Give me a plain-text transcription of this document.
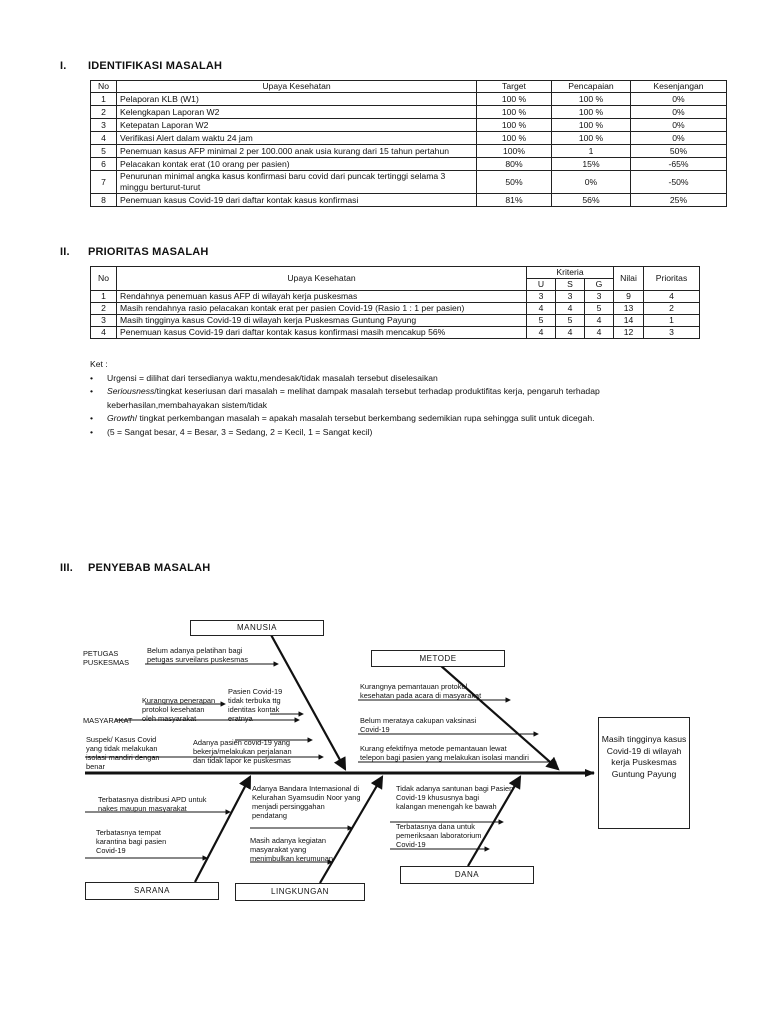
I. IDENTIFIKASI MASALAH
No	Upaya Kesehatan	Target	Pencapaian	Kesenjangan
1	Pelaporan KLB (W1)	100 %	100 %	0%
2	Kelengkapan Laporan W2	100 %	100 %	0%
3	Ketepatan Laporan W2	100 %	100 %	0%
4	Verifikasi Alert dalam waktu 24 jam	100 %	100 %	0%
5	Penemuan kasus AFP minimal 2 per 100.000 anak usia kurang dari 15 tahun pertahun	100%	1	50%
6	Pelacakan kontak erat (10 orang per pasien)	80%	15%	-65%
7	Penurunan minimal angka kasus konfirmasi baru covid dari puncak tertinggi selama 3 minggu berturut-turut	50%	0%	-50%
8	Penemuan kasus Covid-19 dari daftar kontak kasus konfirmasi	81%	56%	25%
II. PRIORITAS MASALAH
No	Upaya Kesehatan	Kriteria			Nilai	Prioritas
		U	S	G		
1	Rendahnya penemuan kasus AFP di wilayah kerja puskesmas	3	3	3	9	4
2	Masih rendahnya rasio pelacakan kontak erat per pasien Covid-19 (Rasio 1 : 1 per pasien)	4	4	5	13	2
3	Masih tingginya kasus Covid-19 di wilayah kerja Puskesmas Guntung Payung	5	5	4	14	1
4	Penemuan kasus Covid-19 dari daftar kontak kasus konfirmasi masih mencakup 56%	4	4	4	12	3
Ket :
• Urgensi = dilihat dari tersedianya waktu,mendesak/tidak masalah tersebut diselesaikan
• Seriousness/tingkat keseriusan dari masalah = melihat dampak masalah tersebut terhadap produktifitas kerja, pengaruh terhadap keberhasilan,membahayakan sistem/tidak
• Growth/ tingkat perkembangan masalah = apakah masalah tersebut berkembang sedemikian rupa sehingga sulit untuk dicegah.
• (5 = Sangat besar, 4 = Besar, 3 = Sedang, 2 = Kecil, 1 = Sangat kecil)
III. PENYEBAB MASALAH
MANUSIA
METODE
SARANA	LINGKUNGAN
DANA
PETUGAS
PUSKESMAS
MASYARAKAT
Belum adanya pelatihan bagi
petugas surveilans puskesmas
Kurangnya penerapan
protokol kesehatan
oleh masyarakat
Pasien Covid-19
tidak terbuka ttg
identitas kontak
eratnya
Suspek/ Kasus Covid
yang tidak melakukan
isolasi mandiri dengan
benar
Adanya pasien covid-19 yang
bekerja/melakukan perjalanan
dan tidak lapor ke puskesmas
Kurangnya pemantauan protokol
kesehatan pada acara di masyarakat
Belum merataya cakupan vaksinasi
Covid-19
Kurang efektifnya metode pemantauan lewat
telepon bagi pasien yang melakukan isolasi mandiri
Terbatasnya distribusi APD untuk
nakes maupun masyarakat
Terbatasnya tempat
karantina bagi pasien
Covid-19
Adanya Bandara Internasional di
Kelurahan Syamsudin Noor yang
menjadi persinggahan
pendatang
Masih adanya kegiatan
masyarakat yang
menimbulkan kerumunan
Tidak adanya santunan bagi Pasien
Covid-19 khususnya bagi
kalangan menengah ke bawah
Terbatasnya dana untuk
pemeriksaan laboratorium
Covid-19
Masih tingginya kasus Covid-19 di wilayah kerja Puskesmas Guntung Payung
